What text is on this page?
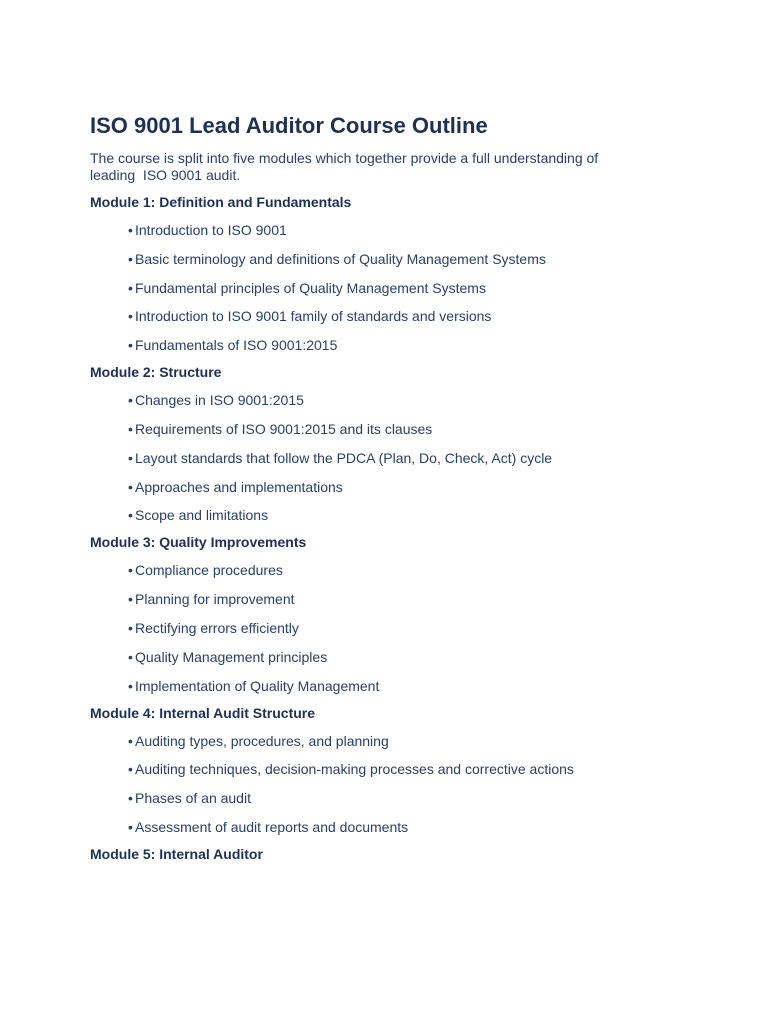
ISO 9001 Lead Auditor Course Outline

The course is split into five modules which together provide a full understanding of
leading  ISO 9001 audit.

Module 1: Definition and Fundamentals
• Introduction to ISO 9001
• Basic terminology and definitions of Quality Management Systems
• Fundamental principles of Quality Management Systems
• Introduction to ISO 9001 family of standards and versions
• Fundamentals of ISO 9001:2015
Module 2: Structure
• Changes in ISO 9001:2015
• Requirements of ISO 9001:2015 and its clauses
• Layout standards that follow the PDCA (Plan, Do, Check, Act) cycle
• Approaches and implementations
• Scope and limitations
Module 3: Quality Improvements
• Compliance procedures
• Planning for improvement
• Rectifying errors efficiently
• Quality Management principles
• Implementation of Quality Management
Module 4: Internal Audit Structure
• Auditing types, procedures, and planning
• Auditing techniques, decision-making processes and corrective actions
• Phases of an audit
• Assessment of audit reports and documents
Module 5: Internal Auditor
